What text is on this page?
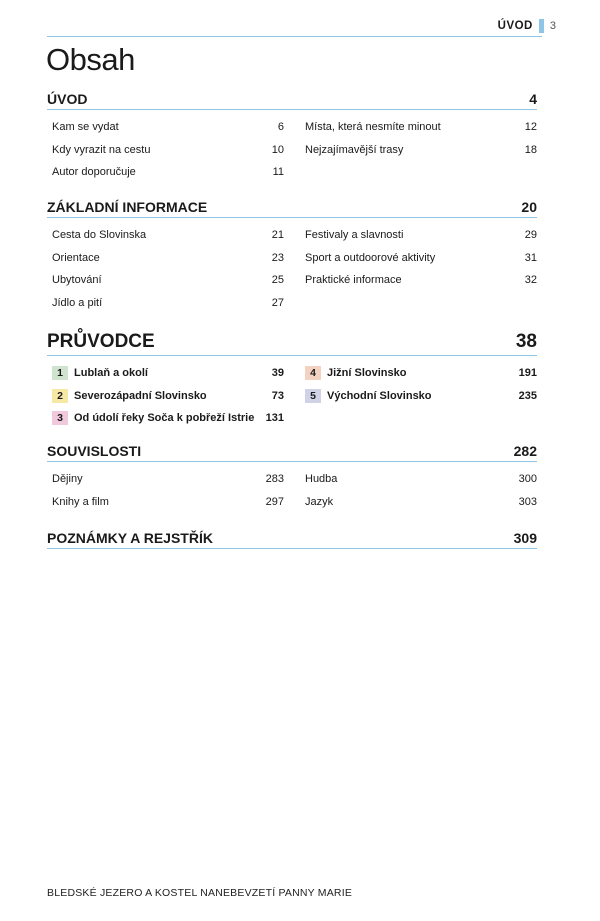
ÚVOD 3
Obsah
ÚVOD	4
Kam se vydat	6
Kdy vyrazit na cestu	10
Autor doporučuje	11
Místa, která nesmíte minout	12
Nejzajímavější trasy	18
ZÁKLADNÍ INFORMACE	20
Cesta do Slovinska	21
Orientace	23
Ubytování	25
Jídlo a pití	27
Festivaly a slavnosti	29
Sport a outdoorové aktivity	31
Praktické informace	32
PRŮVODCE	38
1	Lublaň a okolí	39
2	Severozápadní Slovinsko	73
3	Od údolí řeky Soča k pobřeží Istrie 131
4	Jižní Slovinsko	191
5	Východní Slovinsko	235
SOUVISLOSTI	282
Dějiny	283
Knihy a film	297
Hudba	300
Jazyk	303
POZNÁMKY A REJSTŘÍK	309
BLEDSKÉ JEZERO A KOSTEL NANEBEVZETÍ PANNY MARIE
